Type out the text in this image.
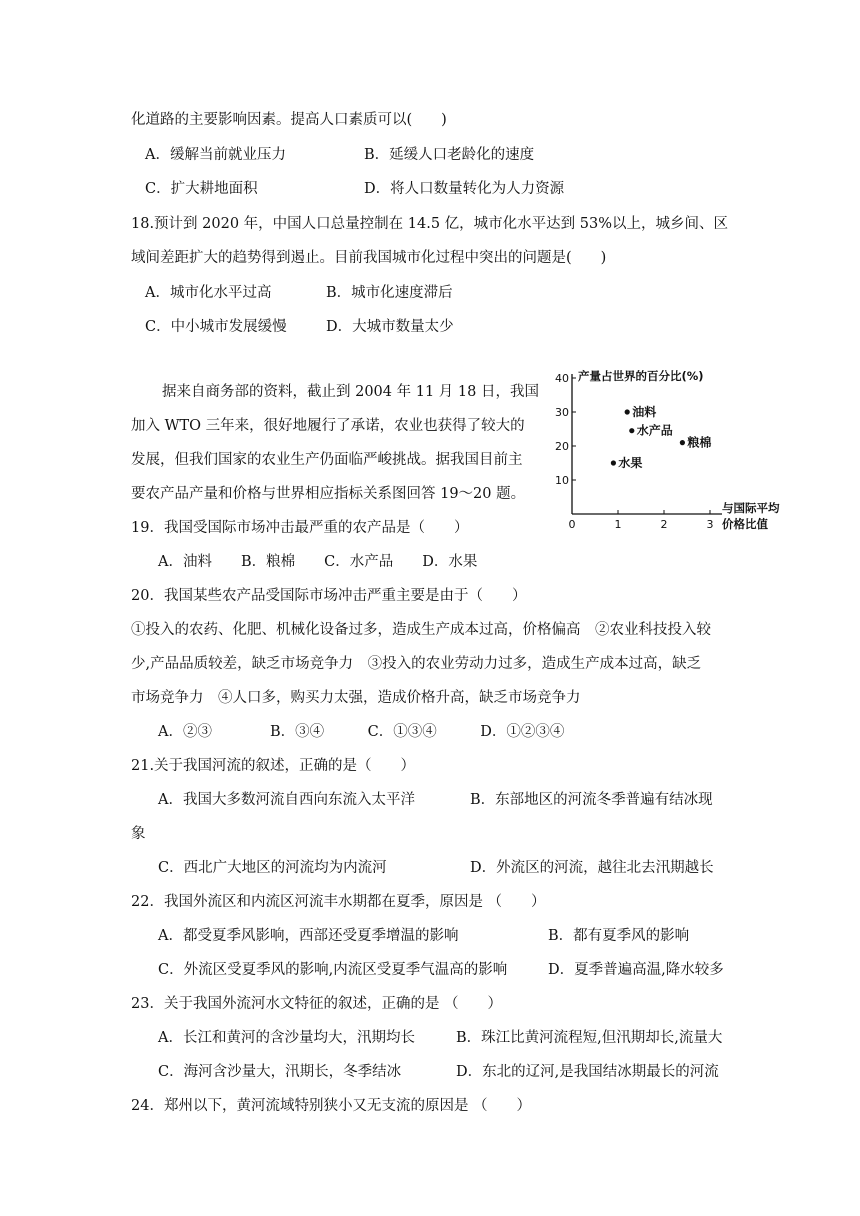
化道路的主要影响因素。提高人口素质可以(　　)
A．缓解当前就业压力	B．延缓人口老龄化的速度
C．扩大耕地面积	D．将人口数量转化为人力资源
18.预计到 2020 年，中国人口总量控制在 14.5 亿，城市化水平达到 53%以上，城乡间、区
域间差距扩大的趋势得到遏止。目前我国城市化过程中突出的问题是(　　)
A．城市化水平过高	B．城市化速度滞后
C．中小城市发展缓慢	D．大城市数量太少
据来自商务部的资料，截止到 2004 年 11 月 18 日，我国
加入 WTO 三年来，很好地履行了承诺，农业也获得了较大的
发展，但我们国家的农业生产仍面临严峻挑战。据我国目前主
要农产品产量和价格与世界相应指标关系图回答 19～20 题。
10
20
30
40
0	1	2	3
产量占世界的百分比(%)
与国际平均
价格比值
油料
水产品
粮棉
水果
19．我国受国际市场冲击最严重的农产品是（　　）
A．油料　　B．粮棉　　C．水产品　　D．水果
20．我国某些农产品受国际市场冲击严重主要是由于（　　）
①投入的农药、化肥、机械化设备过多，造成生产成本过高，价格偏高　②农业科技投入较
少,产品品质较差，缺乏市场竞争力　③投入的农业劳动力过多，造成生产成本过高，缺乏
市场竞争力　④人口多，购买力太强，造成价格升高，缺乏市场竞争力
A．②③　　　　B．③④　　　C．①③④　　　D．①②③④
21.关于我国河流的叙述，正确的是（　　）
A．我国大多数河流自西向东流入太平洋	B．东部地区的河流冬季普遍有结冰现
象
C．西北广大地区的河流均为内流河	D．外流区的河流，越往北去汛期越长
22．我国外流区和内流区河流丰水期都在夏季，原因是 （　　）
A．都受夏季风影响，西部还受夏季增温的影响	B．都有夏季风的影响
C．外流区受夏季风的影响,内流区受夏季气温高的影响	D．夏季普遍高温,降水较多
23．关于我国外流河水文特征的叙述，正确的是 （　　）
A．长江和黄河的含沙量均大，汛期均长	B．珠江比黄河流程短,但汛期却长,流量大
C．海河含沙量大，汛期长，冬季结冰	D．东北的辽河,是我国结冰期最长的河流
24．郑州以下，黄河流域特别狭小又无支流的原因是 （　　）
